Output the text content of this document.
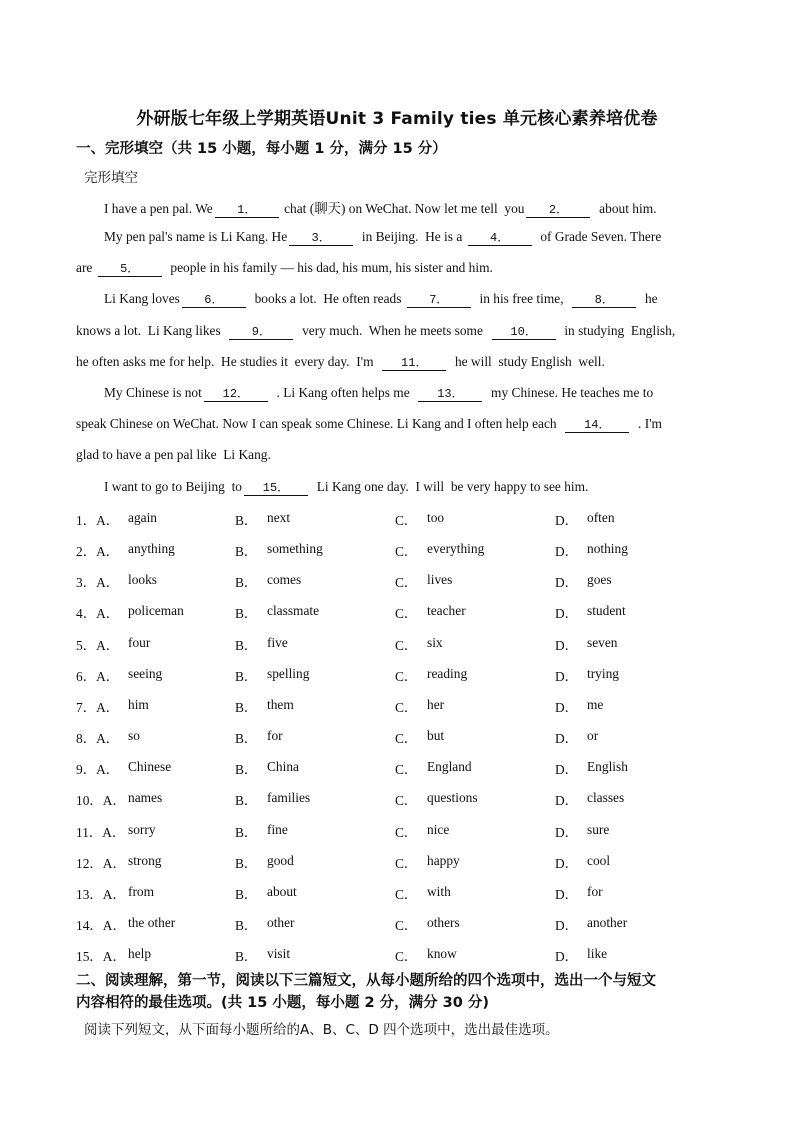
外研版七年级上学期英语Unit 3 Family ties 单元核心素养培优卷
一、完形填空（共 15 小题，每小题 1 分，满分 15 分）
完形填空
I have a pen pal. We 1． chat (聊天) on WeChat. Now let me tell  you 2．  about him.
My pen pal's name is Li Kang. He 3．  in Beijing.  He is a 4．  of Grade Seven. There
are 5．  people in his family — his dad, his mum, his sister and him.
Li Kang loves 6．  books a lot.  He often reads 7．  in his free time,  8．  he
knows a lot.  Li Kang likes  9．  very much.  When he meets some  10．  in studying  English,
he often asks me for help.  He studies it  every day.  I'm  11．  he will  study English  well.
My Chinese is not 12．  . Li Kang often helps me  13．  my Chinese. He teaches me to
speak Chinese on WeChat. Now I can speak some Chinese. Li Kang and I often help each  14．  . I'm
glad to have a pen pal like  Li Kang.
I want to go to Beijing  to 15．  Li Kang one day.  I will  be very happy to see him.
1．A． again	B． next	C． too	D． often
2．A． anything	B． something	C． everything	D． nothing
3．A． looks	B． comes	C． lives	D． goes
4．A． policeman	B． classmate	C． teacher	D． student
5．A． four	B． five	C． six	D． seven
6．A． seeing	B． spelling	C． reading	D． trying
7．A． him	B． them	C． her	D． me
8．A． so	B． for	C． but	D． or
9．A． Chinese	B． China	C． England	D． English
10．A． names	B． families	C． questions	D． classes
11．A． sorry	B． fine	C． nice	D． sure
12．A． strong	B． good	C． happy	D． cool
13．A． from	B． about	C． with	D． for
14．A． the other	B． other	C． others	D． another
15．A． help	B． visit	C． know	D． like
二、阅读理解，第一节，阅读以下三篇短文，从每小题所给的四个选项中，选出一个与短文
内容相符的最佳选项。(共 15 小题，每小题 2 分，满分 30 分)
阅读下列短文，从下面每小题所给的A、B、C、D 四个选项中，选出最佳选项。
